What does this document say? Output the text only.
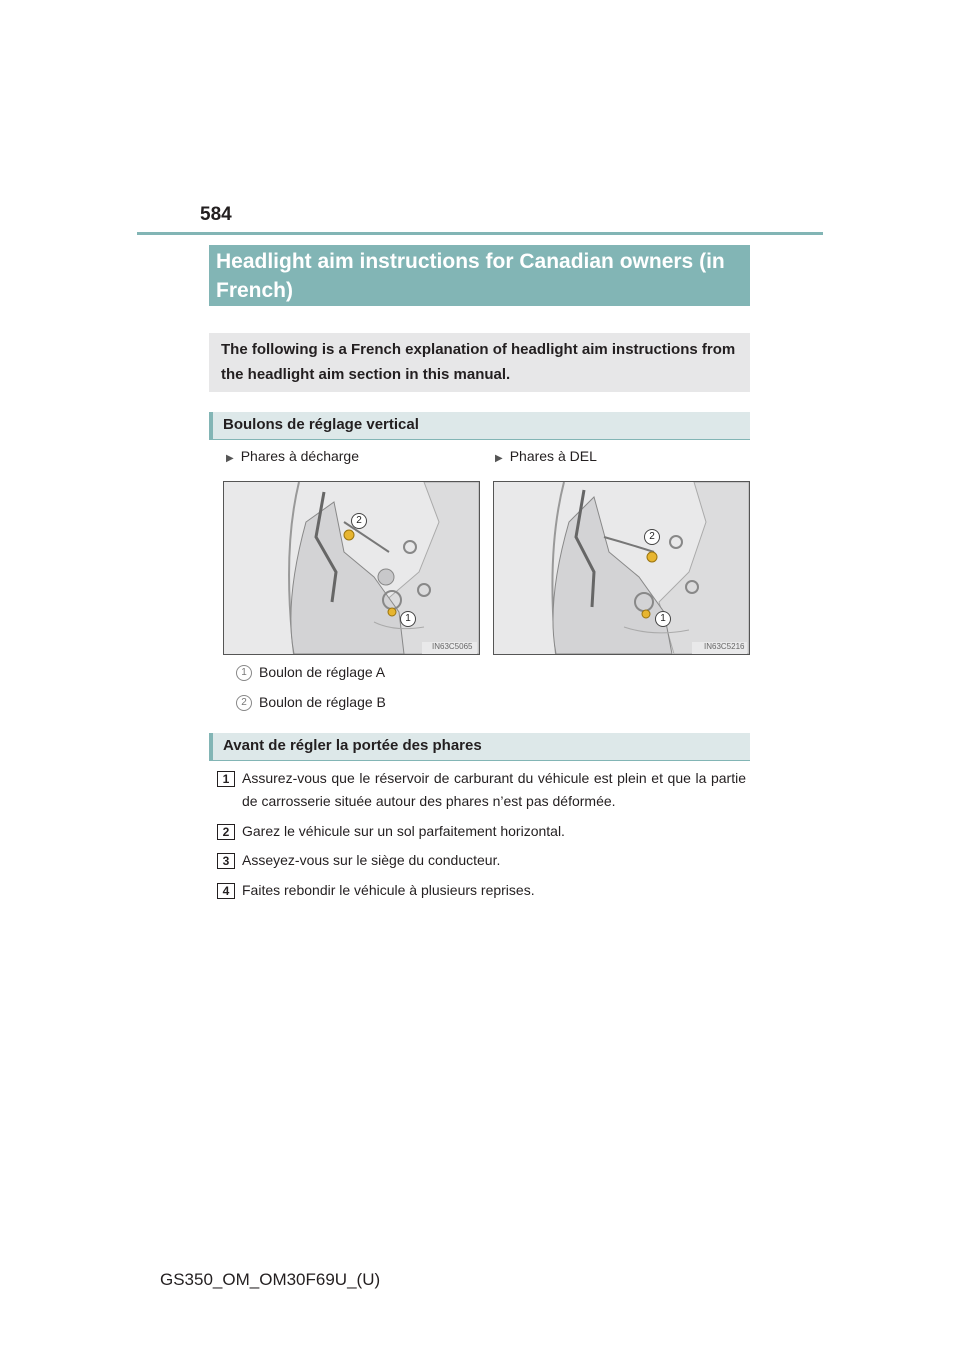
584
Headlight aim instructions for Canadian owners (in French)
The following is a French explanation of headlight aim instructions from the headlight aim section in this manual.
Boulons de réglage vertical
▶ Phares à décharge	▶ Phares à DEL
2
1
IN63C5065
2
1
IN63C5216
1 Boulon de réglage A
2 Boulon de réglage B
Avant de régler la portée des phares
1 Assurez-vous que le réservoir de carburant du véhicule est plein et que la partie de carrosserie située autour des phares n’est pas déformée.
2 Garez le véhicule sur un sol parfaitement horizontal.
3 Asseyez-vous sur le siège du conducteur.
4 Faites rebondir le véhicule à plusieurs reprises.
GS350_OM_OM30F69U_(U)
